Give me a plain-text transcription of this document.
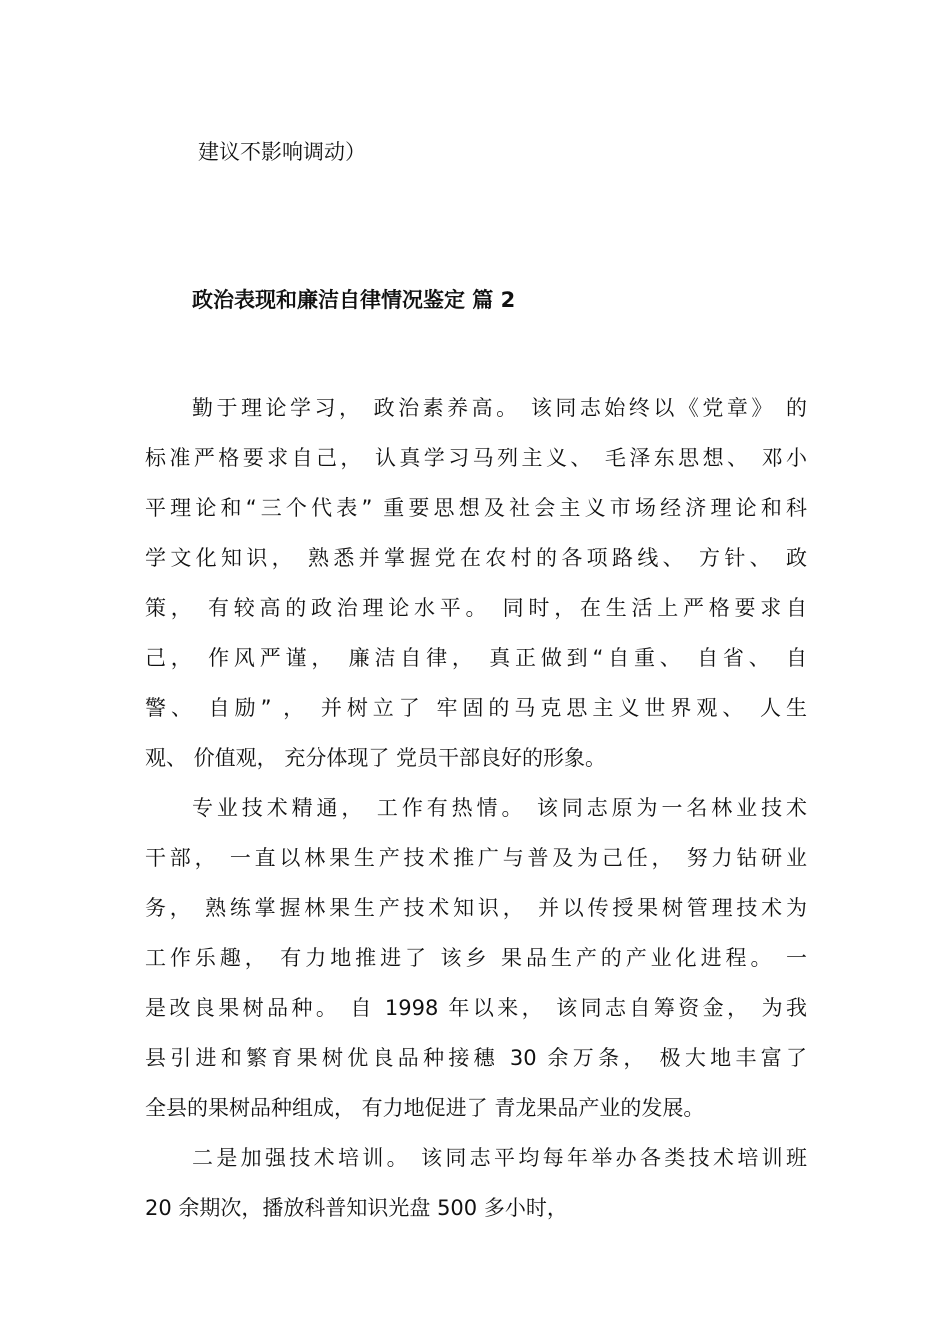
建议不影响调动）
政治表现和廉洁自律情况鉴定 篇 2
勤于理论学习， 政治素养高。 该同志始终以《党章》 的
标准严格要求自己， 认真学习马列主义、 毛泽东思想、 邓小
平理论和“三个代表” 重要思想及社会主义市场经济理论和科
学文化知识， 熟悉并掌握党在农村的各项路线、 方针、 政
策， 有较高的政治理论水平。 同时，在生活上严格要求自
己， 作风严谨， 廉洁自律， 真正做到“自重、 自省、 自
警、 自励” ， 并树立了 牢固的马克思主义世界观、 人生
观、 价值观， 充分体现了 党员干部良好的形象。
专业技术精通， 工作有热情。 该同志原为一名林业技术
干部， 一直以林果生产技术推广与普及为己任， 努力钻研业
务， 熟练掌握林果生产技术知识， 并以传授果树管理技术为
工作乐趣， 有力地推进了 该乡 果品生产的产业化进程。 一
是改良果树品种。 自 1998 年以来， 该同志自筹资金， 为我
县引进和繁育果树优良品种接穗 30 余万条， 极大地丰富了
全县的果树品种组成， 有力地促进了 青龙果品产业的发展。
二是加强技术培训。 该同志平均每年举办各类技术培训班
20 余期次，播放科普知识光盘 500 多小时，
